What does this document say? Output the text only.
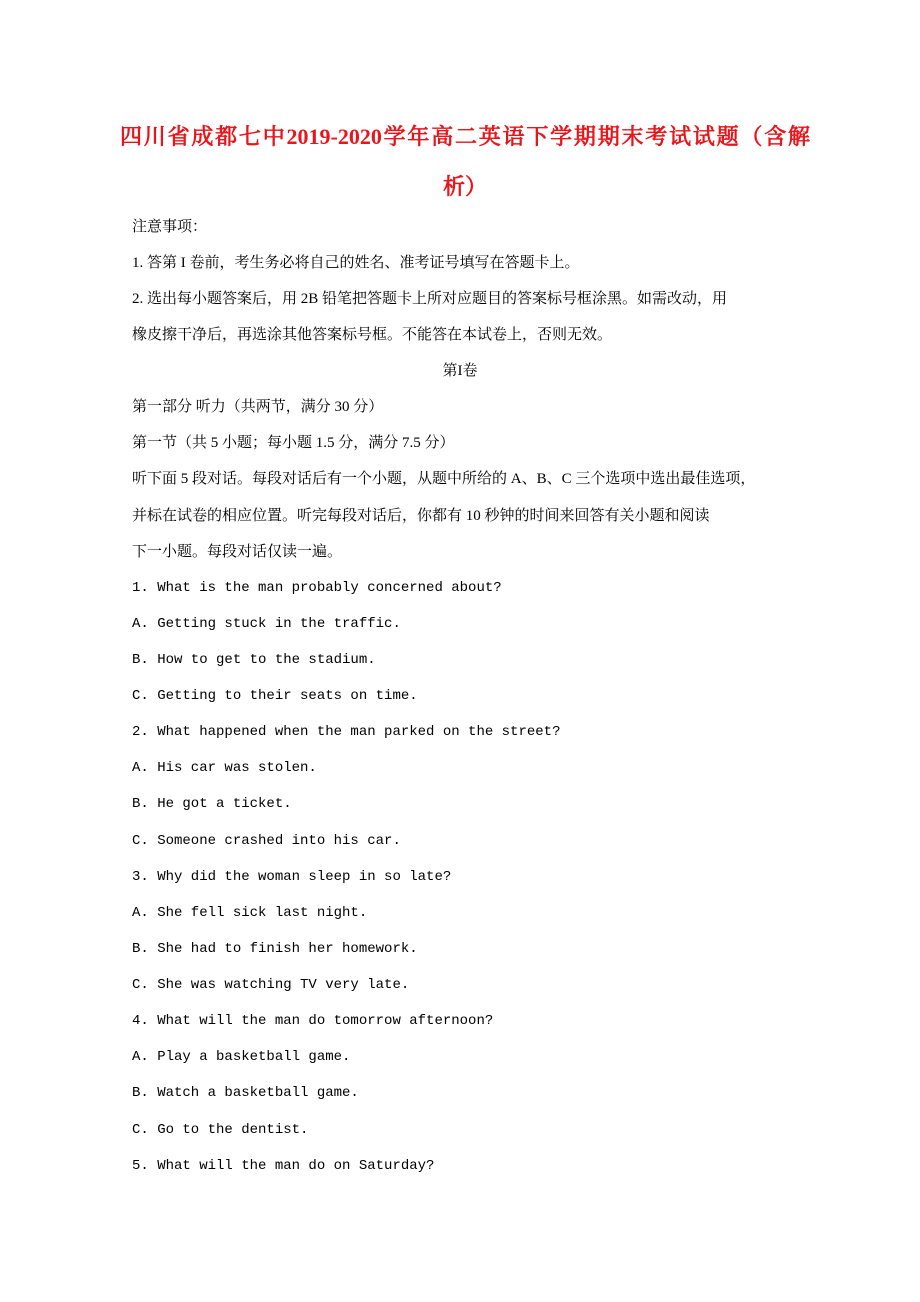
四川省成都七中2019-2020学年高二英语下学期期末考试试题（含解
析）
注意事项：
1. 答第 I 卷前，考生务必将自己的姓名、准考证号填写在答题卡上。
2. 选出每小题答案后，用 2B 铅笔把答题卡上所对应题目的答案标号框涂黑。如需改动，用
橡皮擦干净后，再选涂其他答案标号框。不能答在本试卷上，否则无效。
第I卷
第一部分 听力（共两节，满分 30 分）
第一节（共 5 小题；每小题 1.5 分，满分 7.5 分）
听下面 5 段对话。每段对话后有一个小题，从题中所给的 A、B、C 三个选项中选出最佳选项，
并标在试卷的相应位置。听完每段对话后，你都有 10 秒钟的时间来回答有关小题和阅读
下一小题。每段对话仅读一遍。
1. What is the man probably concerned about?
A. Getting stuck in the traffic.
B. How to get to the stadium.
C. Getting to their seats on time.
2. What happened when the man parked on the street?
A. His car was stolen.
B. He got a ticket.
C. Someone crashed into his car.
3. Why did the woman sleep in so late?
A. She fell sick last night.
B. She had to finish her homework.
C. She was watching TV very late.
4. What will the man do tomorrow afternoon?
A. Play a basketball game.
B. Watch a basketball game.
C. Go to the dentist.
5. What will the man do on Saturday?
